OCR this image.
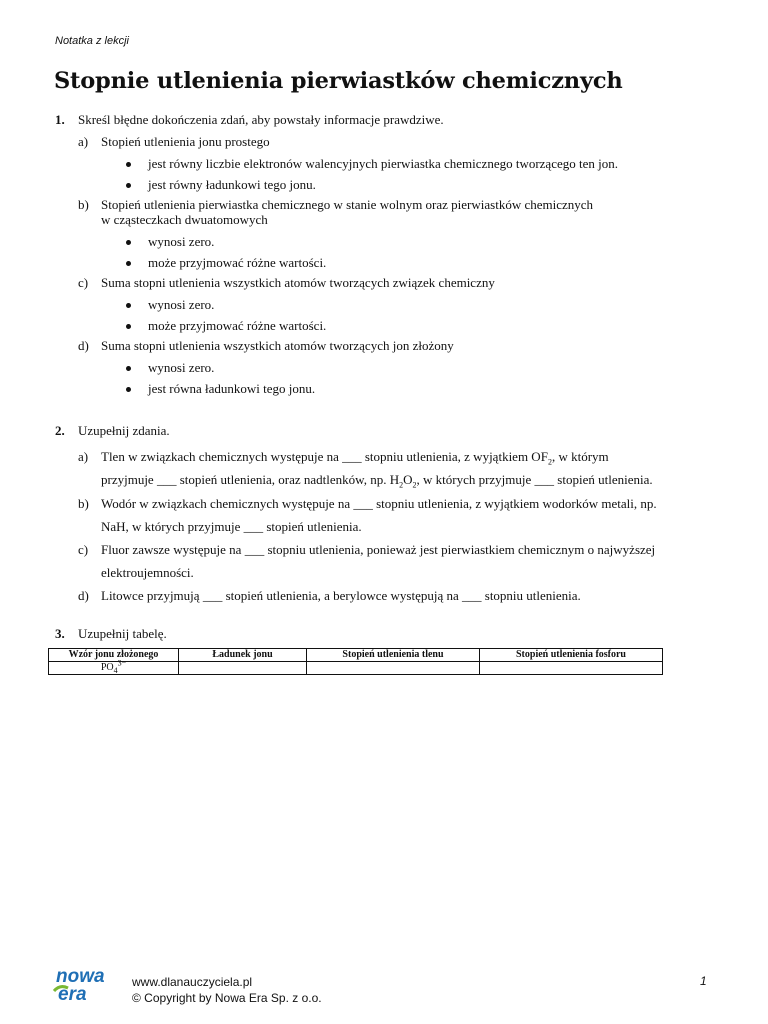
Notatka z lekcji
Stopnie utlenienia pierwiastków chemicznych
1. Skreśl błędne dokończenia zdań, aby powstały informacje prawdziwe.
a) Stopień utlenienia jonu prostego
jest równy liczbie elektronów walencyjnych pierwiastka chemicznego tworzącego ten jon.
jest równy ładunkowi tego jonu.
b) Stopień utlenienia pierwiastka chemicznego w stanie wolnym oraz pierwiastków chemicznych
w cząsteczkach dwuatomowych
wynosi zero.
może przyjmować różne wartości.
c) Suma stopni utlenienia wszystkich atomów tworzących związek chemiczny
wynosi zero.
może przyjmować różne wartości.
d) Suma stopni utlenienia wszystkich atomów tworzących jon złożony
wynosi zero.
jest równa ładunkowi tego jonu.
2. Uzupełnij zdania.
a) Tlen w związkach chemicznych występuje na ___ stopniu utlenienia, z wyjątkiem $OF_2$, w którym
przyjmuje ___ stopień utlenienia, oraz nadtlenków, np. $H_2O_2$, w których przyjmuje ___ stopień utlenienia.
b) Wodór w związkach chemicznych występuje na ___ stopniu utlenienia, z wyjątkiem wodorków metali, np.
NaH, w których przyjmuje ___ stopień utlenienia.
c) Fluor zawsze występuje na ___ stopniu utlenienia, ponieważ jest pierwiastkiem chemicznym o najwyższej
elektroujemności.
d) Litowce przyjmują ___ stopień utlenienia, a berylowce występują na ___ stopniu utlenienia.
3. Uzupełnij tabelę.
Wzór jonu złożonego	Ładunek jonu	Stopień utlenienia tlenu	Stopień utlenienia fosforu
$PO_4^{3-}$			
nowa
era
www.dlanauczyciela.pl
© Copyright by Nowa Era Sp. z o.o.
1
